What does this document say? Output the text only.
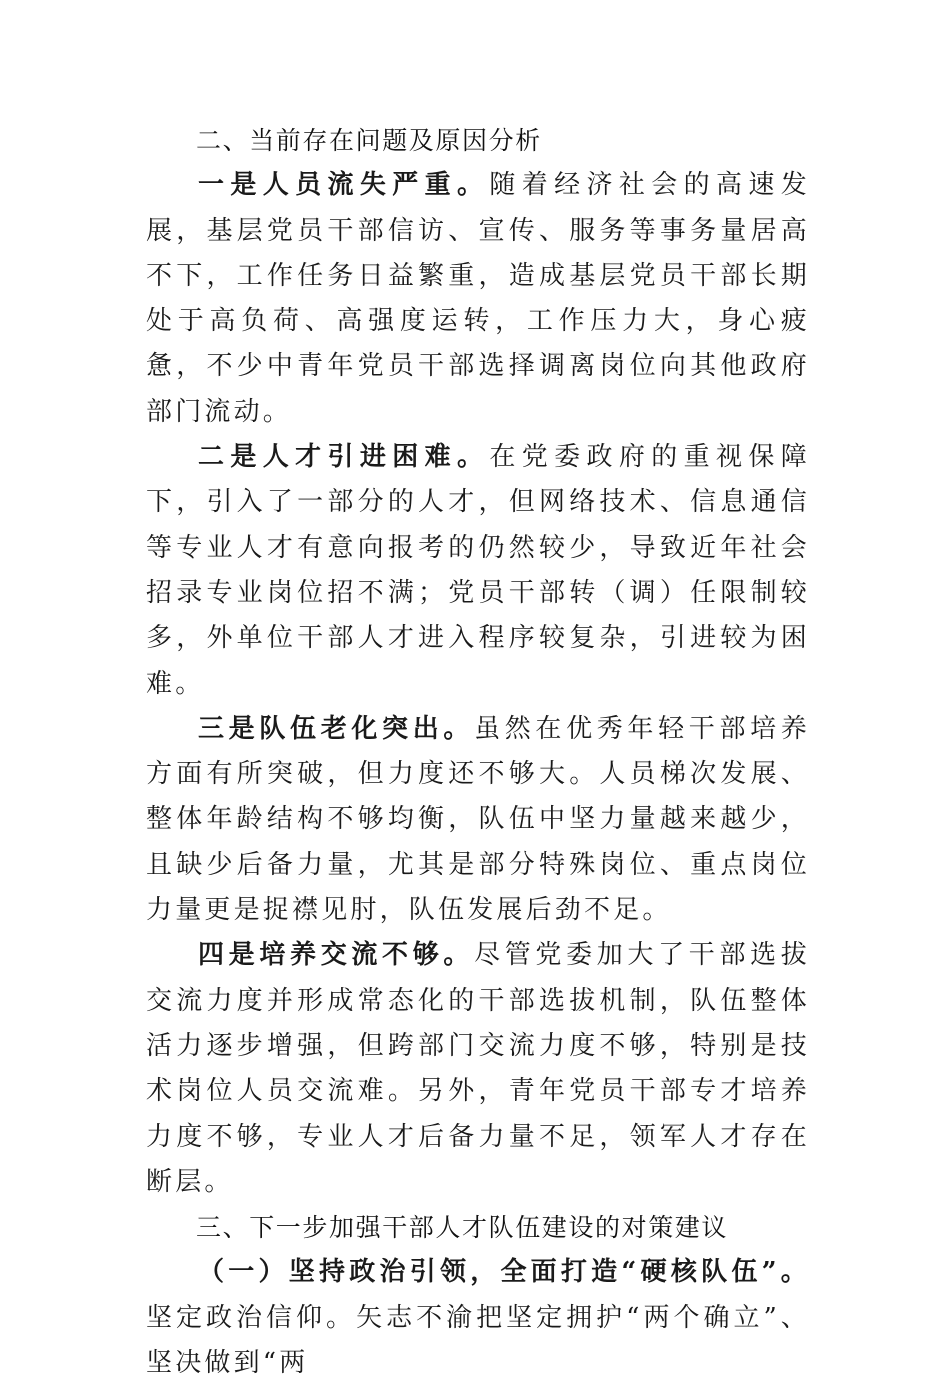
二、当前存在问题及原因分析

一是人员流失严重。随着经济社会的高速发展，基层党员干部信访、宣传、服务等事务量居高不下，工作任务日益繁重，造成基层党员干部长期处于高负荷、高强度运转，工作压力大，身心疲惫，不少中青年党员干部选择调离岗位向其他政府部门流动。

二是人才引进困难。在党委政府的重视保障下，引入了一部分的人才，但网络技术、信息通信等专业人才有意向报考的仍然较少，导致近年社会招录专业岗位招不满；党员干部转（调）任限制较多，外单位干部人才进入程序较复杂，引进较为困难。

三是队伍老化突出。虽然在优秀年轻干部培养方面有所突破，但力度还不够大。人员梯次发展、整体年龄结构不够均衡，队伍中坚力量越来越少，且缺少后备力量，尤其是部分特殊岗位、重点岗位力量更是捉襟见肘，队伍发展后劲不足。

四是培养交流不够。尽管党委加大了干部选拔交流力度并形成常态化的干部选拔机制，队伍整体活力逐步增强，但跨部门交流力度不够，特别是技术岗位人员交流难。另外，青年党员干部专才培养力度不够，专业人才后备力量不足，领军人才存在断层。

三、下一步加强干部人才队伍建设的对策建议

（一）坚持政治引领，全面打造“硬核队伍”。坚定政治信仰。矢志不渝把坚定拥护“两个确立”、坚决做到“两
